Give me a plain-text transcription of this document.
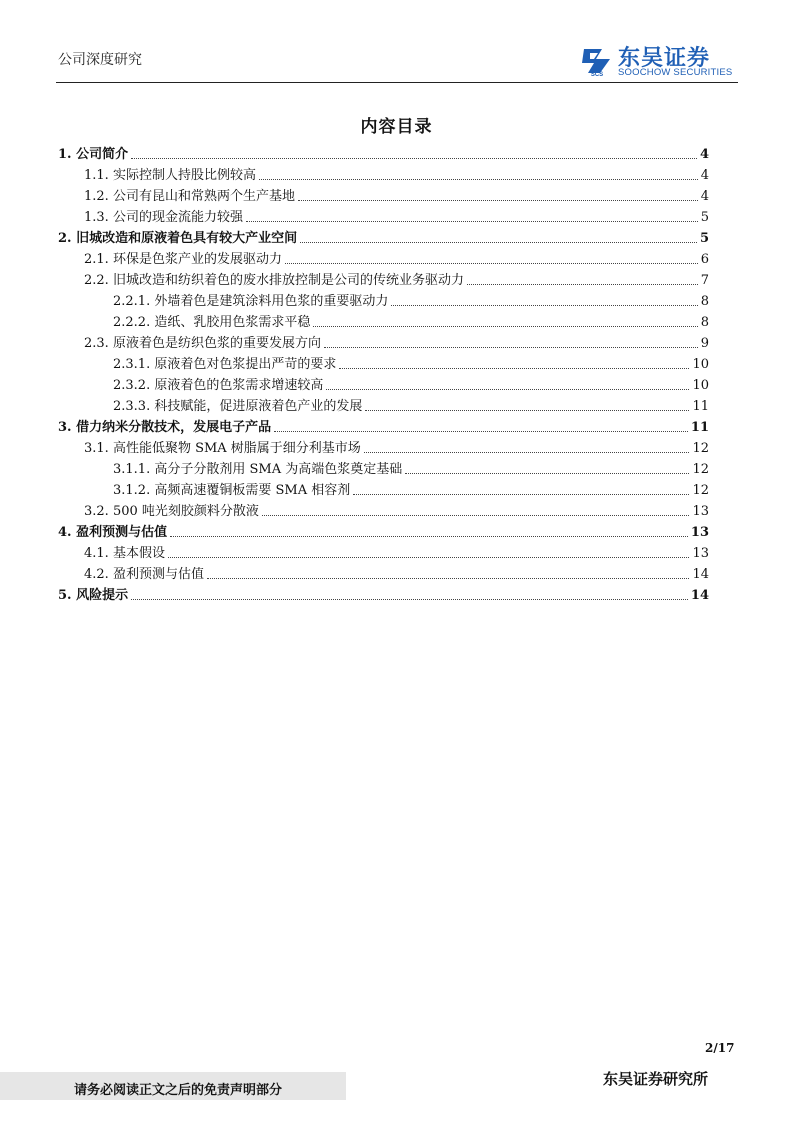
公司深度研究
SCS
东吴证券
SOOCHOW SECURITIES
内容目录
1. 公司简介	4
1.1. 实际控制人持股比例较高	4
1.2. 公司有昆山和常熟两个生产基地	4
1.3. 公司的现金流能力较强	5
2. 旧城改造和原液着色具有较大产业空间	5
2.1. 环保是色浆产业的发展驱动力	6
2.2. 旧城改造和纺织着色的废水排放控制是公司的传统业务驱动力	7
2.2.1. 外墙着色是建筑涂料用色浆的重要驱动力	8
2.2.2. 造纸、乳胶用色浆需求平稳	8
2.3. 原液着色是纺织色浆的重要发展方向	9
2.3.1. 原液着色对色浆提出严苛的要求	10
2.3.2. 原液着色的色浆需求增速较高	10
2.3.3. 科技赋能，促进原液着色产业的发展	11
3. 借力纳米分散技术，发展电子产品	11
3.1. 高性能低聚物 SMA 树脂属于细分利基市场	12
3.1.1. 高分子分散剂用 SMA 为高端色浆奠定基础	12
3.1.2. 高频高速覆铜板需要 SMA 相容剂	12
3.2. 500 吨光刻胶颜料分散液	13
4. 盈利预测与估值	13
4.1. 基本假设	13
4.2. 盈利预测与估值	14
5. 风险提示	14
2/17
请务必阅读正文之后的免责声明部分
东吴证券研究所
